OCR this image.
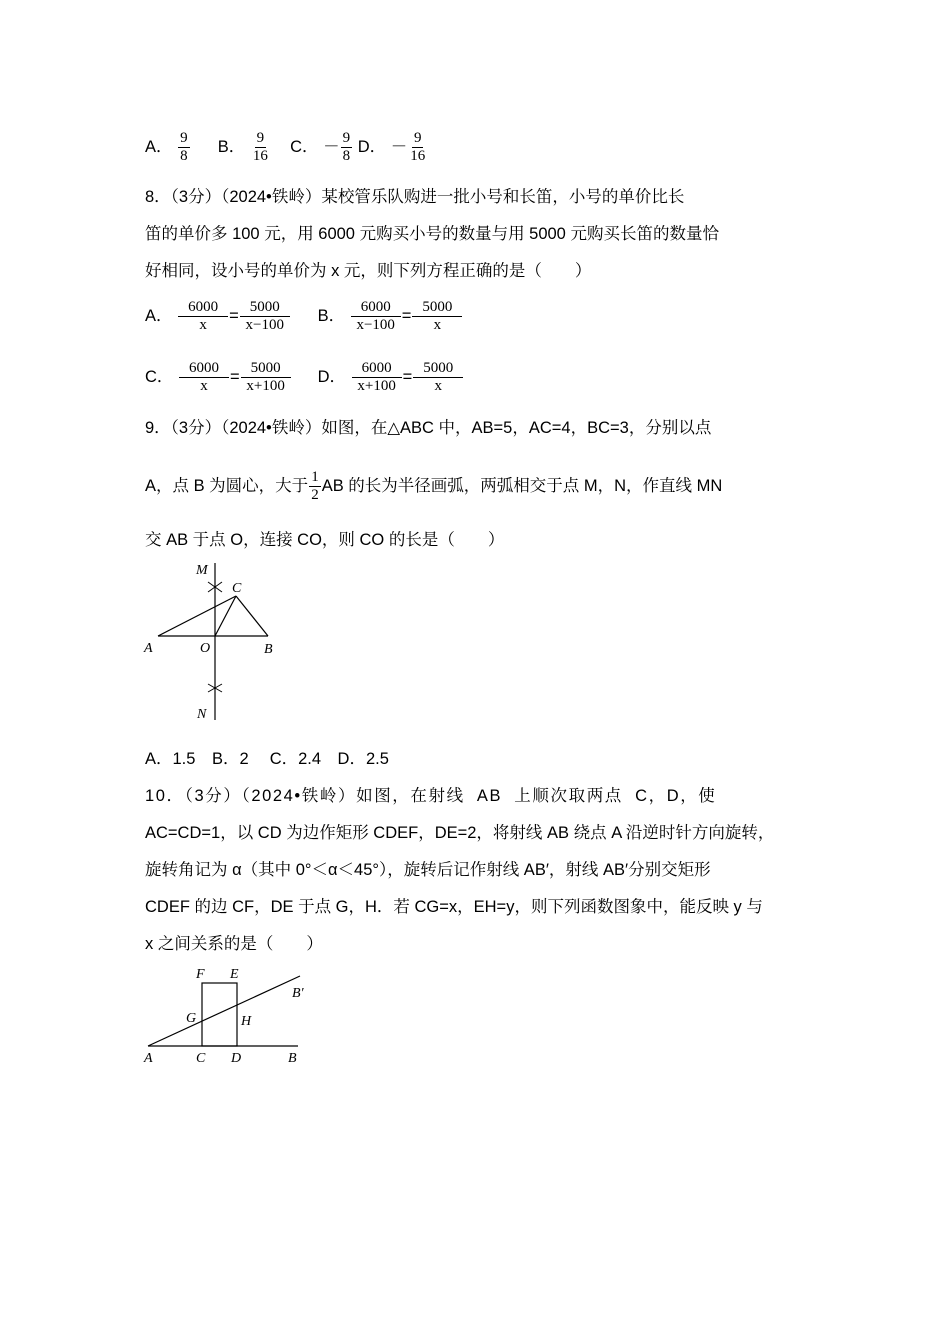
A． $\frac{9}{8}$ B． $\frac{9}{16}$ C． － $\frac{9}{8}$ D． － $\frac{9}{16}$
8．（3分）（2024•铁岭）某校管乐队购进一批小号和长笛，小号的单价比长
笛的单价多 100 元，用 6000 元购买小号的数量与用 5000 元购买长笛的数量恰
好相同，设小号的单价为 x 元，则下列方程正确的是（　　）
A． $\frac{6000}{x} = \frac{5000}{x-100}$ B． $\frac{6000}{x-100} = \frac{5000}{x}$
C． $\frac{6000}{x} = \frac{5000}{x+100}$ D． $\frac{6000}{x+100} = \frac{5000}{x}$
9．（3分）（2024•铁岭）如图，在△ABC 中，AB=5，AC=4，BC=3，分别以点
A，点 B 为圆心，大于 $\frac{1}{2}$ AB 的长为半径画弧，两弧相交于点 M，N，作直线 MN
交 AB 于点 O，连接 CO，则 CO 的长是（　　）
M
C
A	O	B
N
A．1.5　B．2　 C．2.4　D．2.5
10．（3分）（2024•铁岭）如图，在射线 AB 上顺次取两点 C，D，使
AC=CD=1，以 CD 为边作矩形 CDEF，DE=2，将射线 AB 绕点 A 沿逆时针方向旋转，
旋转角记为 α（其中 0°＜α＜45°），旋转后记作射线 AB′，射线 AB′分别交矩形
CDEF 的边 CF，DE 于点 G，H．若 CG=x，EH=y，则下列函数图象中，能反映 y 与
x 之间关系的是（　　）
F E
B′
G	H
A	C D	B
